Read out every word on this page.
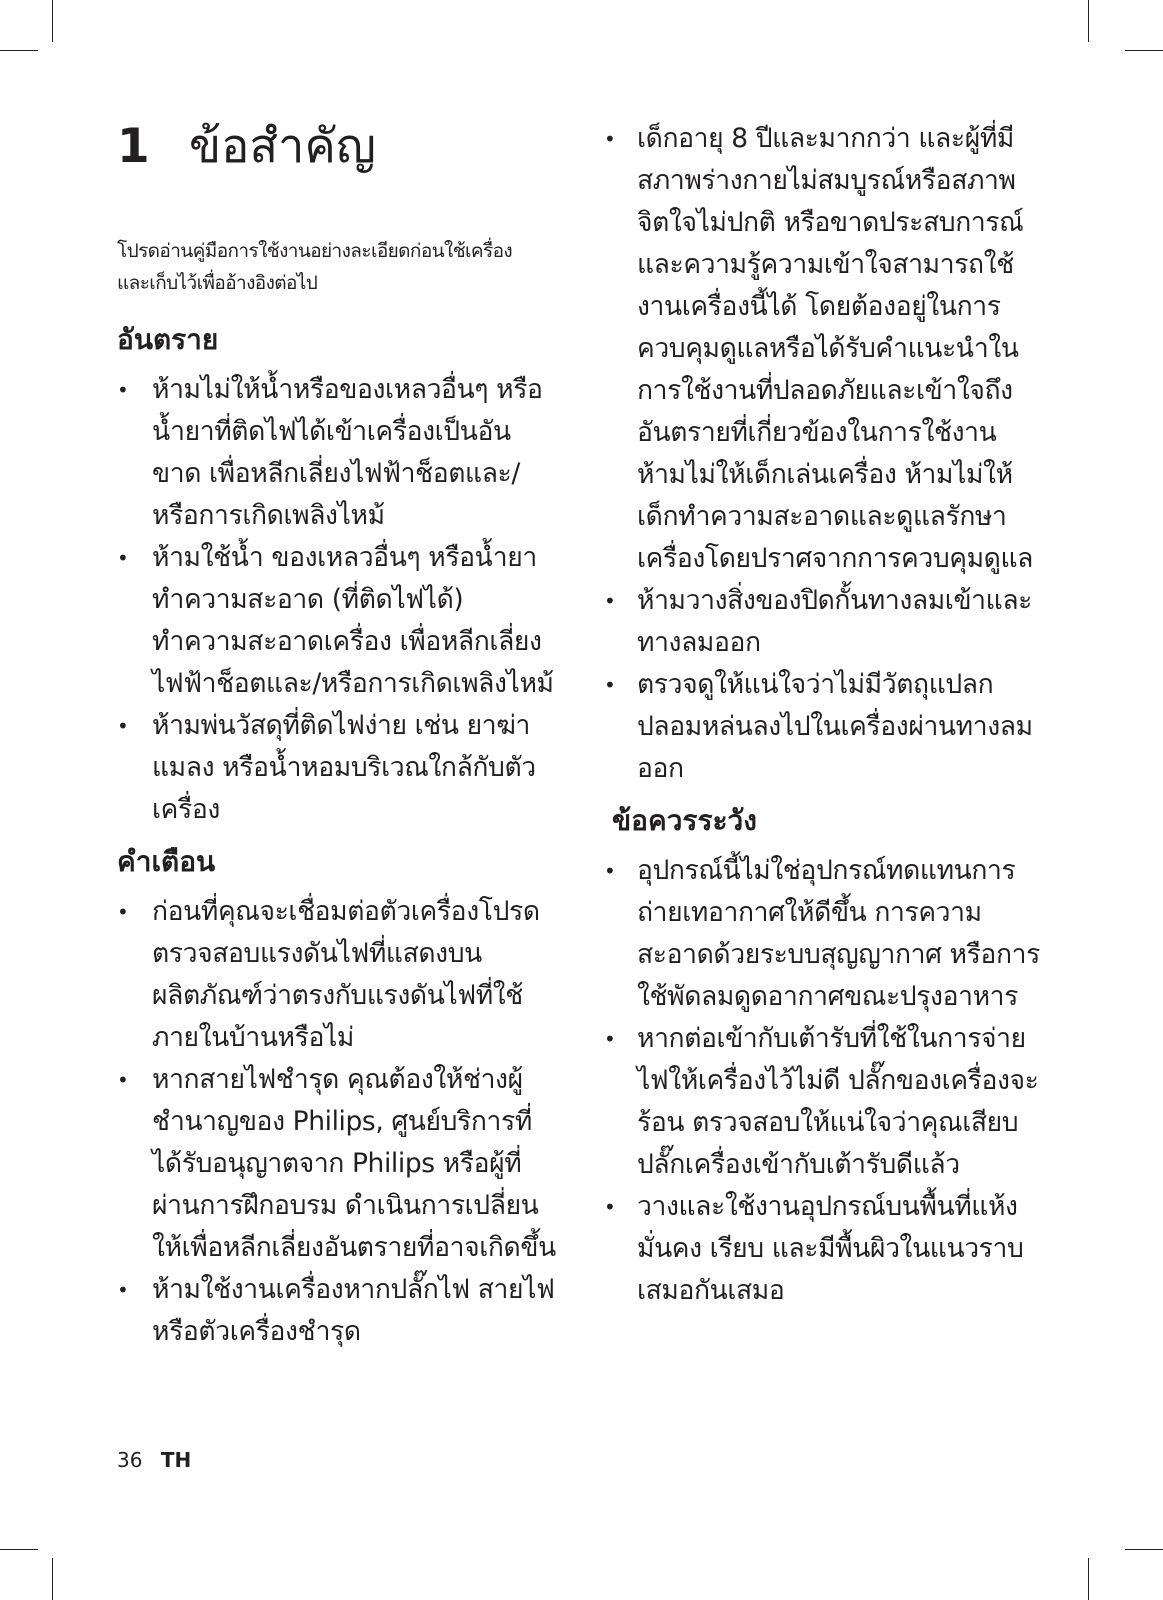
1 ข้อสำคัญ

โปรดอ่านคู่มือการใช้งานอย่างละเอียดก่อนใช้เครื่อง และเก็บไว้เพื่ออ้างอิงต่อไป

อันตราย
• ห้ามไม่ให้น้ำหรือของเหลวอื่นๆ หรือน้ำยาที่ติดไฟได้เข้าเครื่องเป็นอันขาด เพื่อหลีกเลี่ยงไฟฟ้าช็อตและ/หรือการเกิดเพลิงไหม้
• ห้ามใช้น้ำ ของเหลวอื่นๆ หรือน้ำยาทำความสะอาด (ที่ติดไฟได้) ทำความสะอาดเครื่อง เพื่อหลีกเลี่ยงไฟฟ้าช็อตและ/หรือการเกิดเพลิงไหม้
• ห้ามพ่นวัสดุที่ติดไฟง่าย เช่น ยาฆ่าแมลง หรือน้ำหอมบริเวณใกล้กับตัวเครื่อง
คำเตือน
• ก่อนที่คุณจะเชื่อมต่อตัวเครื่องโปรดตรวจสอบแรงดันไฟที่แสดงบนผลิตภัณฑ์ว่าตรงกับแรงดันไฟที่ใช้ภายในบ้านหรือไม่
• หากสายไฟชำรุด คุณต้องให้ช่างผู้ชำนาญของ Philips, ศูนย์บริการที่ได้รับอนุญาตจาก Philips หรือผู้ที่ผ่านการฝึกอบรม ดำเนินการเปลี่ยนให้เพื่อหลีกเลี่ยงอันตรายที่อาจเกิดขึ้น
• ห้ามใช้งานเครื่องหากปลั๊กไฟ สายไฟ หรือตัวเครื่องชำรุด
• เด็กอายุ 8 ปีและมากกว่า และผู้ที่มีสภาพร่างกายไม่สมบูรณ์หรือสภาพจิตใจไม่ปกติ หรือขาดประสบการณ์และความรู้ความเข้าใจสามารถใช้งานเครื่องนี้ได้ โดยต้องอยู่ในการควบคุมดูแลหรือได้รับคำแนะนำในการใช้งานที่ปลอดภัยและเข้าใจถึงอันตรายที่เกี่ยวข้องในการใช้งาน ห้ามไม่ให้เด็กเล่นเครื่อง ห้ามไม่ให้เด็กทำความสะอาดและดูแลรักษาเครื่องโดยปราศจากการควบคุมดูแล
• ห้ามวางสิ่งของปิดกั้นทางลมเข้าและทางลมออก
• ตรวจดูให้แน่ใจว่าไม่มีวัตถุแปลกปลอมหล่นลงไปในเครื่องผ่านทางลมออก
ข้อควรระวัง
• อุปกรณ์นี้ไม่ใช่อุปกรณ์ทดแทนการถ่ายเทอากาศให้ดีขึ้น การความสะอาดด้วยระบบสุญญากาศ หรือการใช้พัดลมดูดอากาศขณะปรุงอาหาร
• หากต่อเข้ากับเต้ารับที่ใช้ในการจ่ายไฟให้เครื่องไว้ไม่ดี ปลั๊กของเครื่องจะร้อน ตรวจสอบให้แน่ใจว่าคุณเสียบปลั๊กเครื่องเข้ากับเต้ารับดีแล้ว
• วางและใช้งานอุปกรณ์บนพื้นที่แห้งมั่นคง เรียบ และมีพื้นผิวในแนวราบเสมอกันเสมอ
36 TH
